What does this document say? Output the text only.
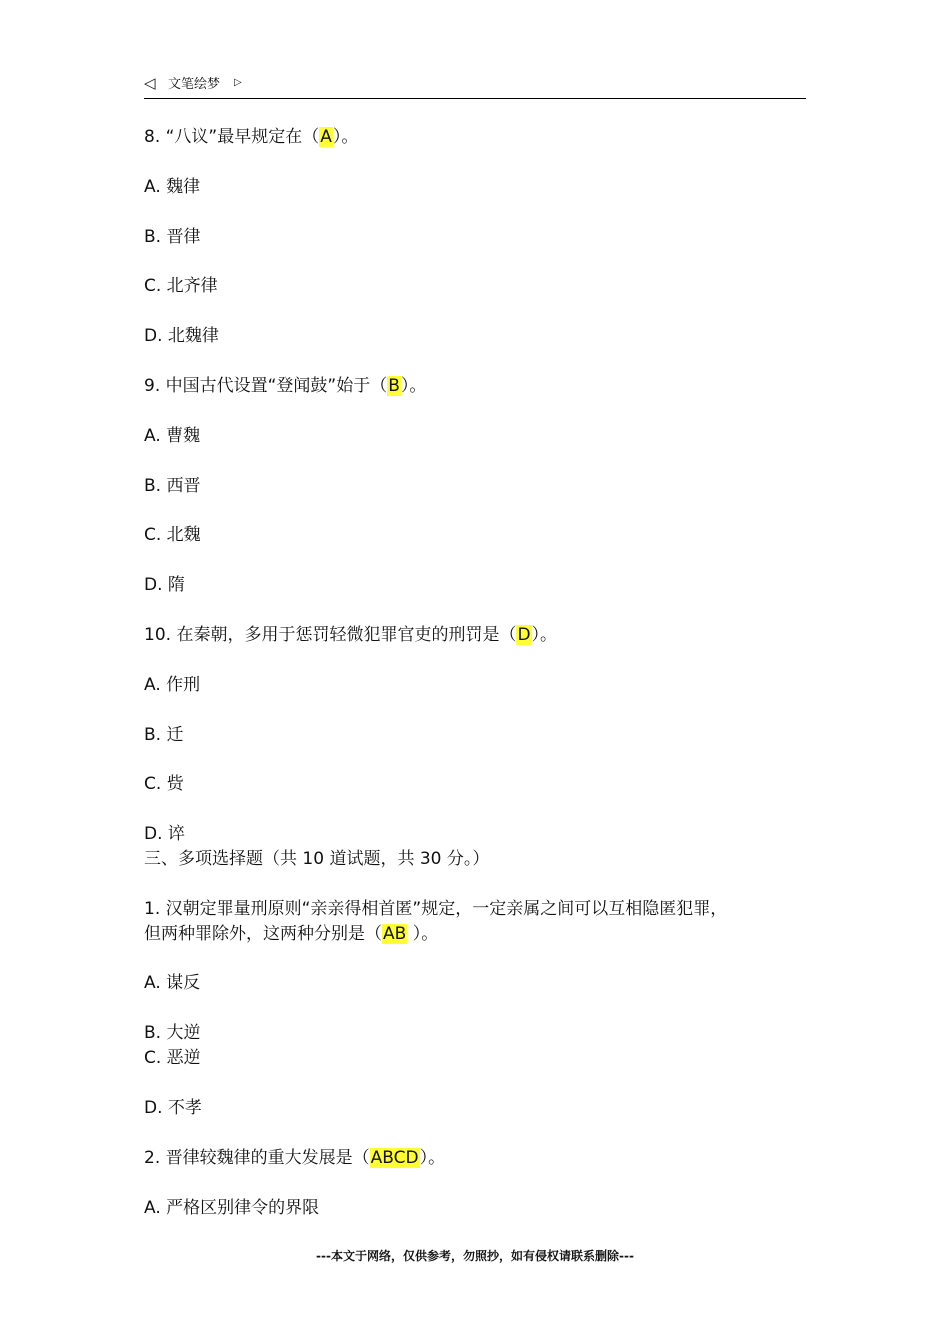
◁ 文笔绘梦 ▷
8. “八议”最早规定在（A）。
A. 魏律
B. 晋律
C. 北齐律
D. 北魏律
9. 中国古代设置“登闻鼓”始于（B）。
A. 曹魏
B. 西晋
C. 北魏
D. 隋
10. 在秦朝，多用于惩罚轻微犯罪官吏的刑罚是（D）。
A. 作刑
B. 迁
C. 赀
D. 谇
三、多项选择题（共 10 道试题，共 30 分。）
1. 汉朝定罪量刑原则“亲亲得相首匿”规定，一定亲属之间可以互相隐匿犯罪，
但两种罪除外，这两种分别是（AB ）。
A. 谋反
B. 大逆
C. 恶逆
D. 不孝
2. 晋律较魏律的重大发展是（ABCD）。
A. 严格区别律令的界限
---本文于网络，仅供参考，勿照抄，如有侵权请联系删除---
